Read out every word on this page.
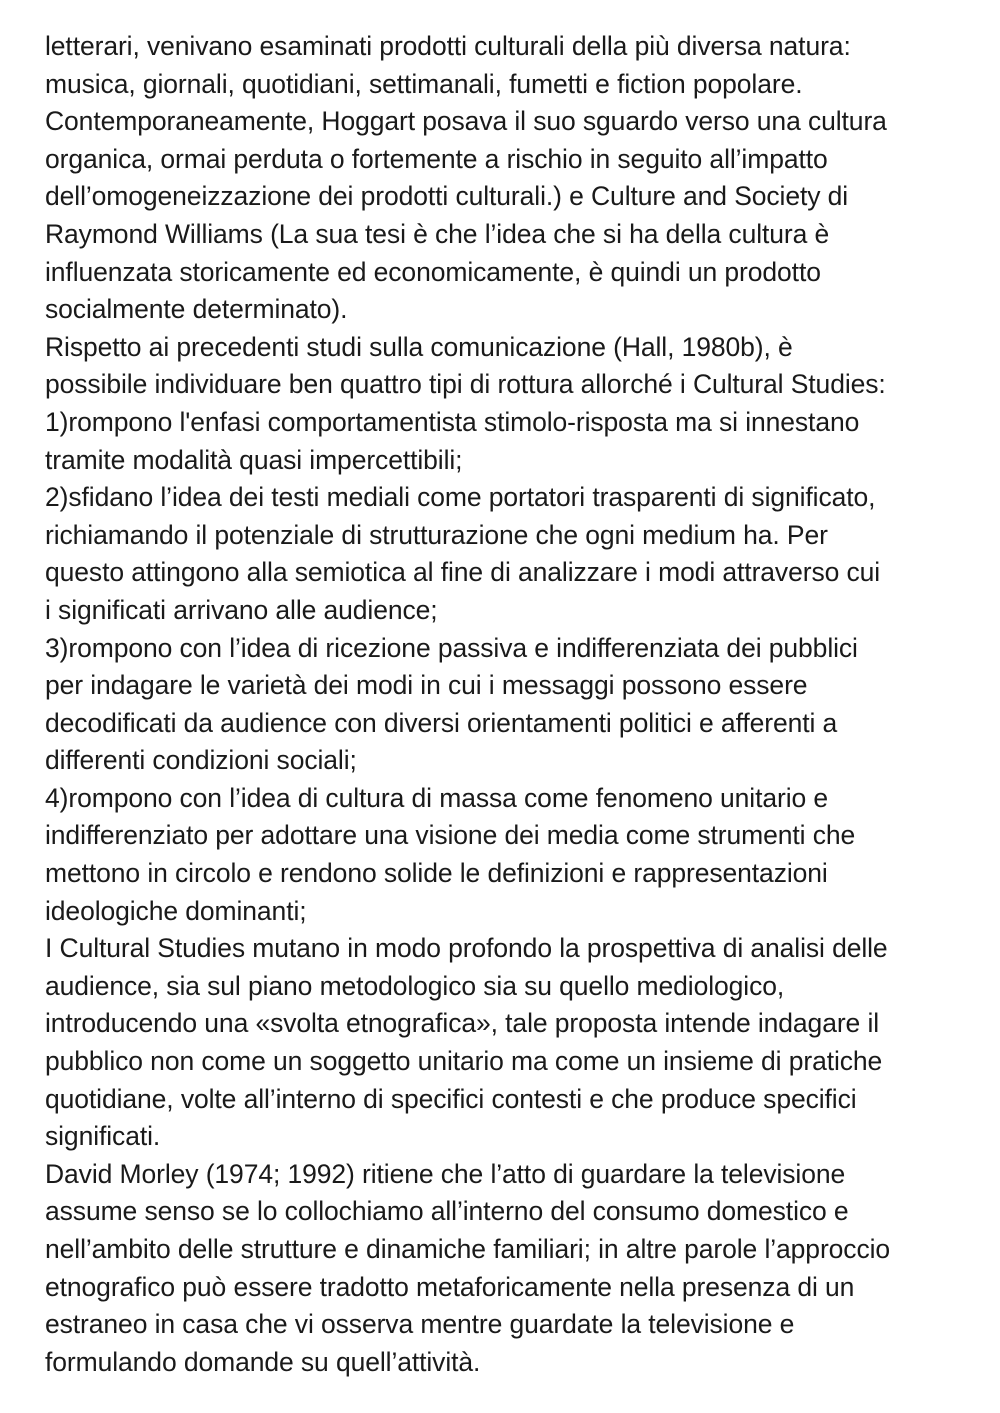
letterari, venivano esaminati prodotti culturali della più diversa natura:
musica, giornali, quotidiani, settimanali, fumetti e fiction popolare.
Contemporaneamente, Hoggart posava il suo sguardo verso una cultura
organica, ormai perduta o fortemente a rischio in seguito all’impatto
dell’omogeneizzazione dei prodotti culturali.) e Culture and Society di
Raymond Williams (La sua tesi è che l’idea che si ha della cultura è
influenzata storicamente ed economicamente, è quindi un prodotto
socialmente determinato).
Rispetto ai precedenti studi sulla comunicazione (Hall, 1980b), è
possibile individuare ben quattro tipi di rottura allorché i Cultural Studies:
1)rompono l'enfasi comportamentista stimolo-risposta ma si innestano
tramite modalità quasi impercettibili;
2)sfidano l’idea dei testi mediali come portatori trasparenti di significato,
richiamando il potenziale di strutturazione che ogni medium ha. Per
questo attingono alla semiotica al fine di analizzare i modi attraverso cui
i significati arrivano alle audience;
3)rompono con l’idea di ricezione passiva e indifferenziata dei pubblici
per indagare le varietà dei modi in cui i messaggi possono essere
decodificati da audience con diversi orientamenti politici e afferenti a
differenti condizioni sociali;
4)rompono con l’idea di cultura di massa come fenomeno unitario e
indifferenziato per adottare una visione dei media come strumenti che
mettono in circolo e rendono solide le definizioni e rappresentazioni
ideologiche dominanti;
I Cultural Studies mutano in modo profondo la prospettiva di analisi delle
audience, sia sul piano metodologico sia su quello mediologico,
introducendo una «svolta etnografica», tale proposta intende indagare il
pubblico non come un soggetto unitario ma come un insieme di pratiche
quotidiane, volte all’interno di specifici contesti e che produce specifici
significati.
David Morley (1974; 1992) ritiene che l’atto di guardare la televisione
assume senso se lo collochiamo all’interno del consumo domestico e
nell’ambito delle strutture e dinamiche familiari; in altre parole l’approccio
etnografico può essere tradotto metaforicamente nella presenza di un
estraneo in casa che vi osserva mentre guardate la televisione e
formulando domande su quell’attività.
